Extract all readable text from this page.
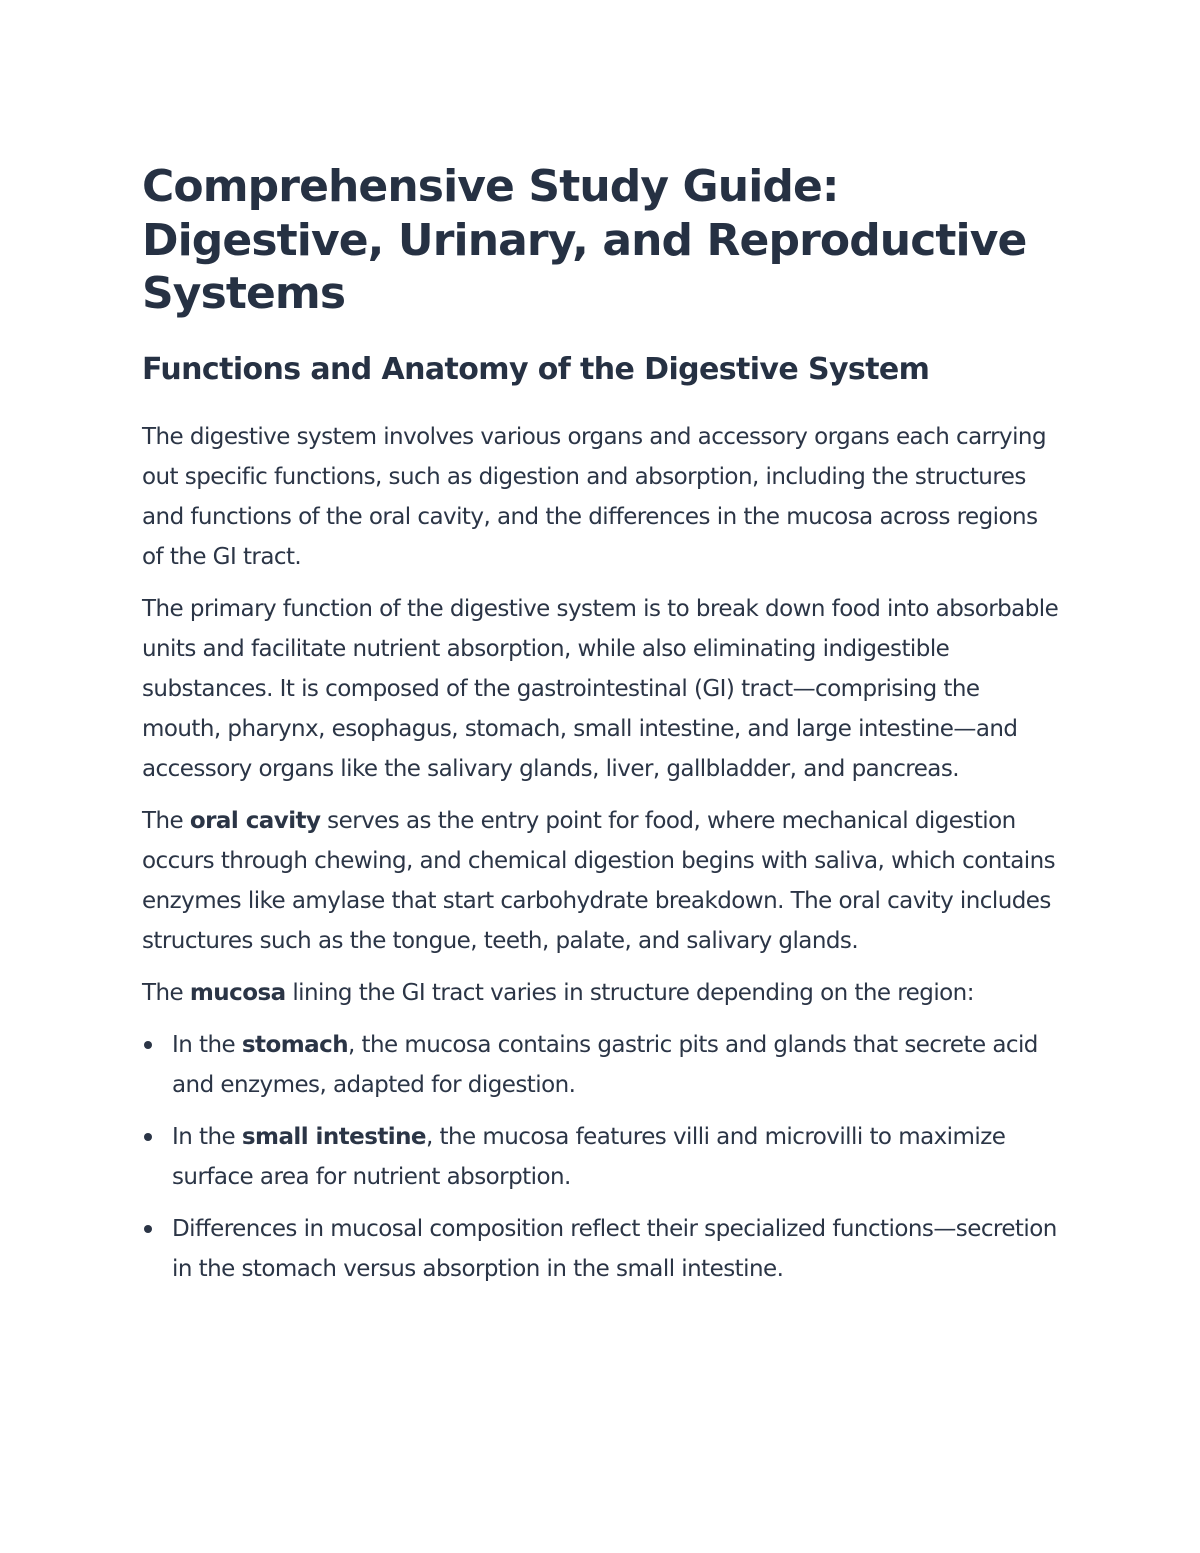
Comprehensive Study Guide: Digestive, Urinary, and Reproductive Systems
Functions and Anatomy of the Digestive System

The digestive system involves various organs and accessory organs each carrying out specific functions, such as digestion and absorption, including the structures and functions of the oral cavity, and the differences in the mucosa across regions of the GI tract.

The primary function of the digestive system is to break down food into absorbable units and facilitate nutrient absorption, while also eliminating indigestible substances. It is composed of the gastrointestinal (GI) tract—comprising the mouth, pharynx, esophagus, stomach, small intestine, and large intestine—and accessory organs like the salivary glands, liver, gallbladder, and pancreas.

The oral cavity serves as the entry point for food, where mechanical digestion occurs through chewing, and chemical digestion begins with saliva, which contains enzymes like amylase that start carbohydrate breakdown. The oral cavity includes structures such as the tongue, teeth, palate, and salivary glands.

The mucosa lining the GI tract varies in structure depending on the region:

In the stomach, the mucosa contains gastric pits and glands that secrete acid and enzymes, adapted for digestion.
In the small intestine, the mucosa features villi and microvilli to maximize surface area for nutrient absorption.
Differences in mucosal composition reflect their specialized functions—secretion in the stomach versus absorption in the small intestine.
